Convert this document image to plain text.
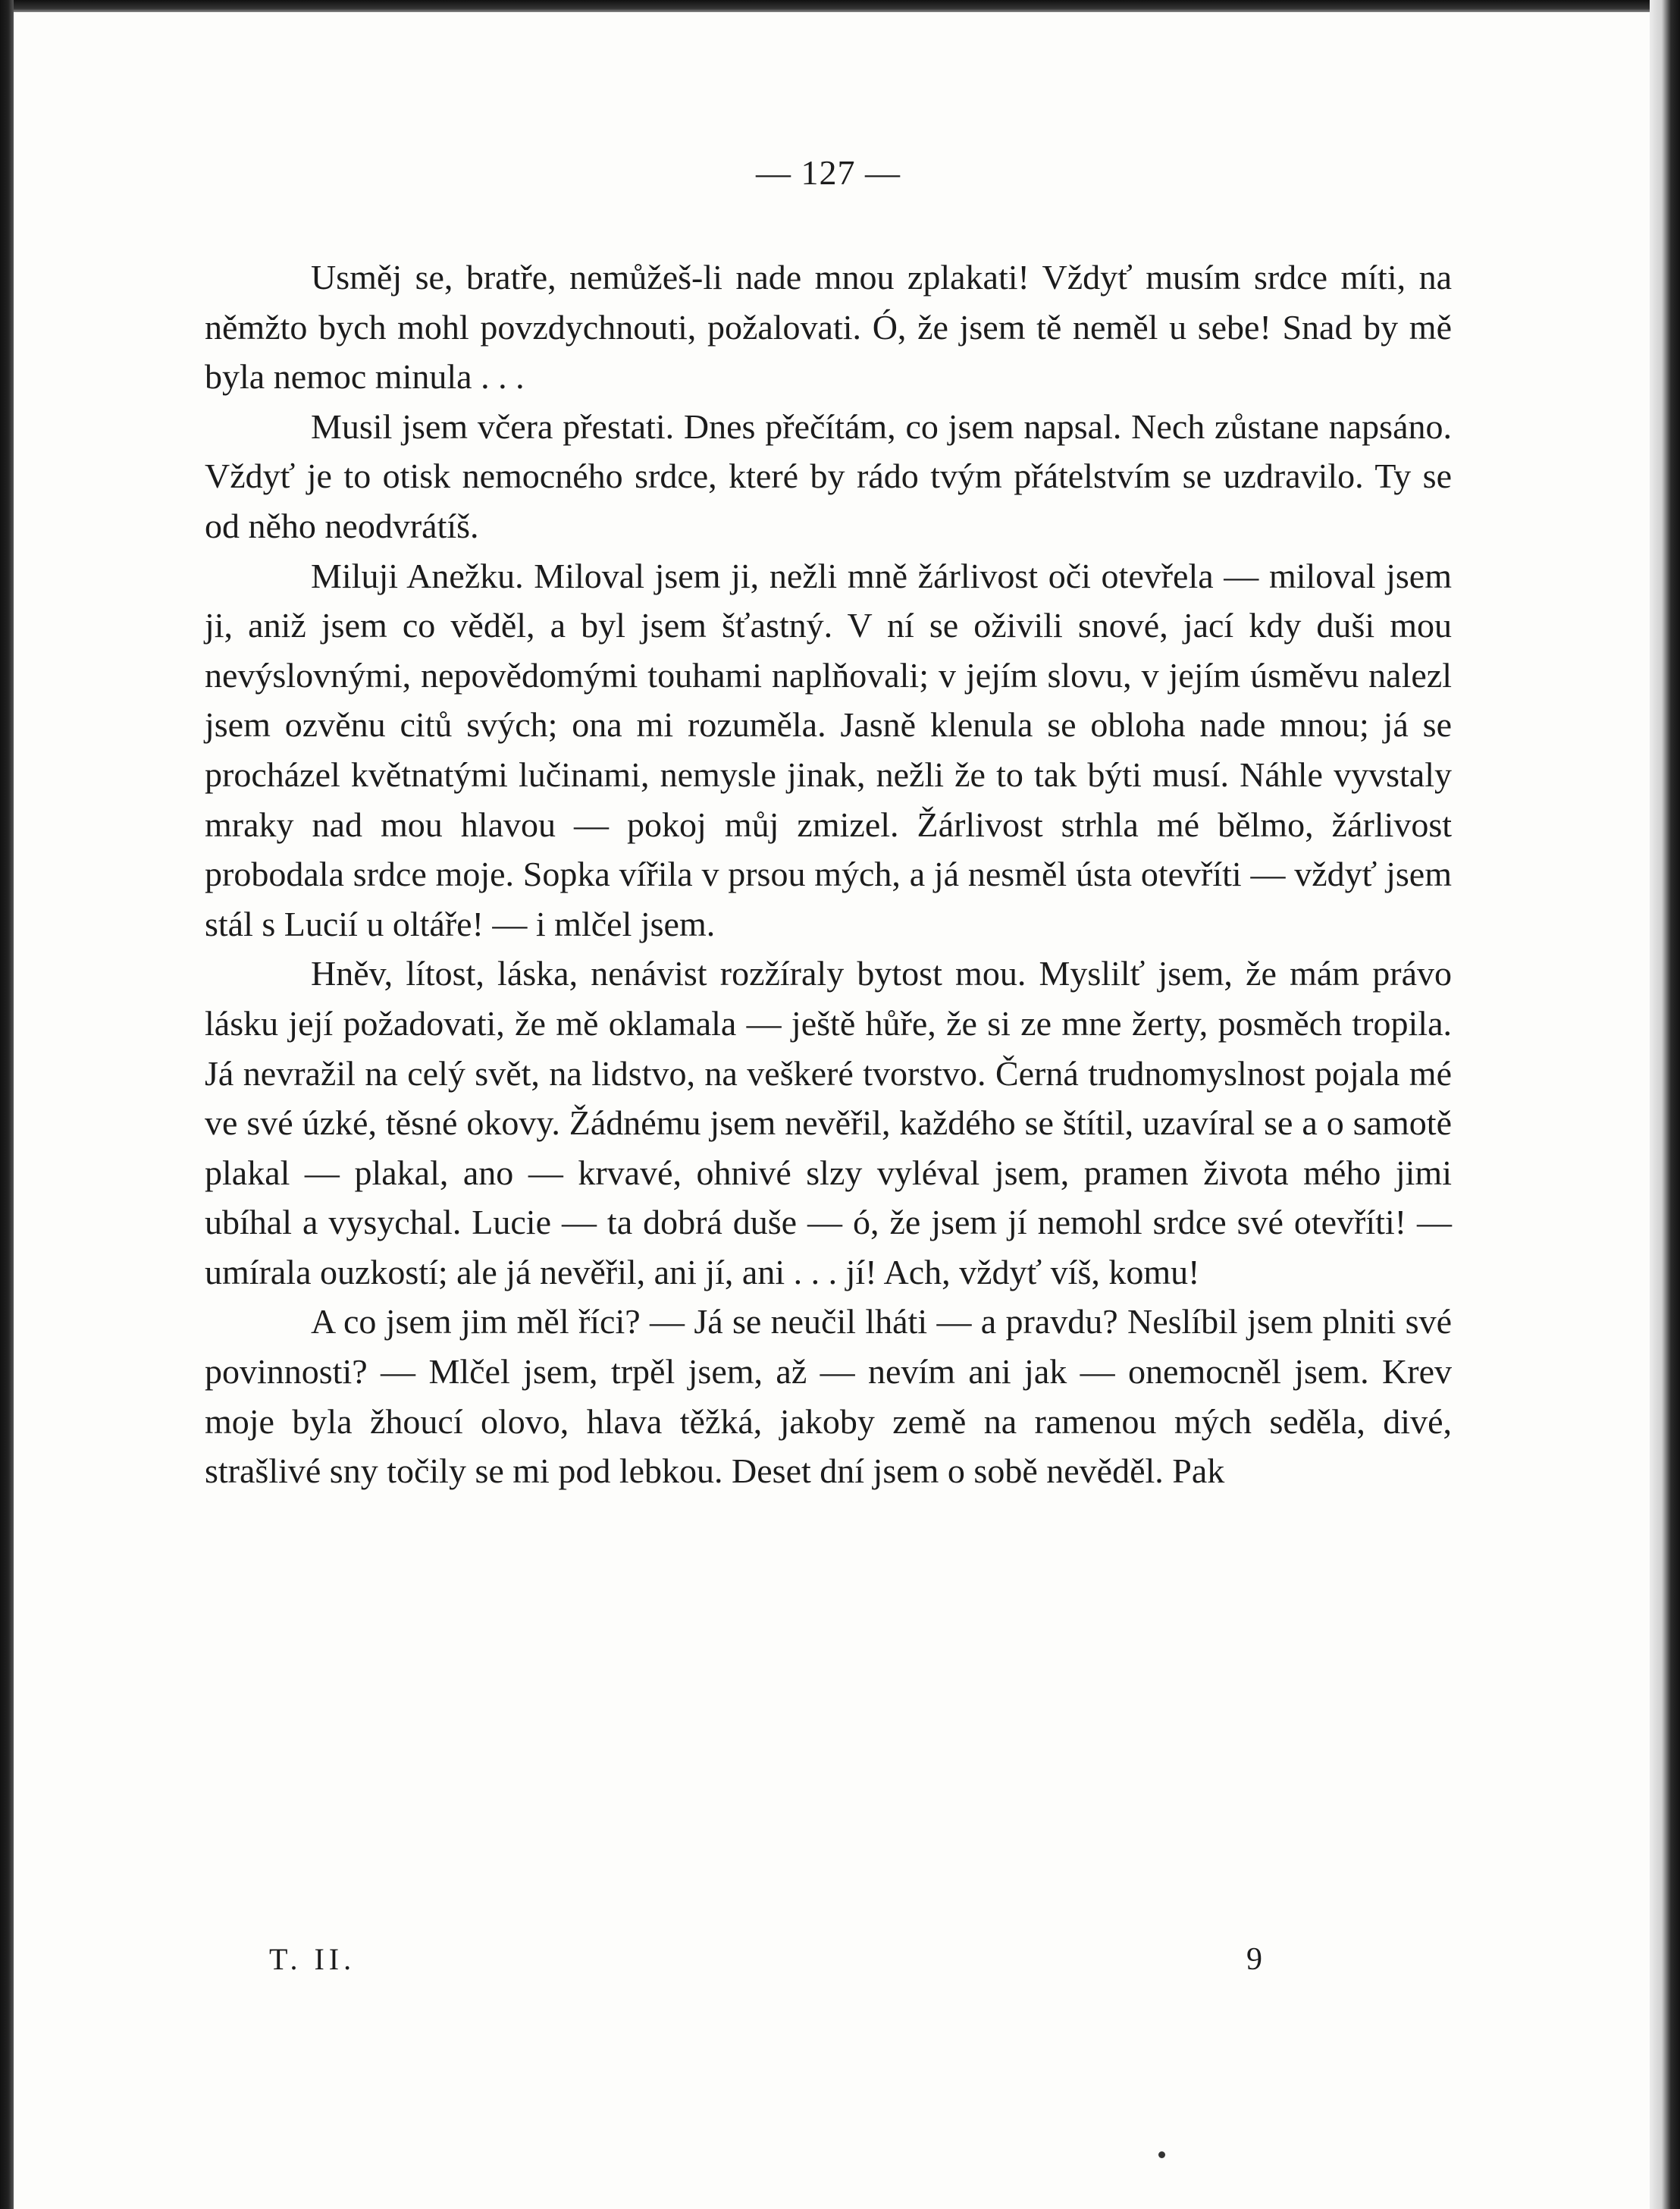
— 127 —

Usměj se, bratře, nemůžeš-li nade mnou zplakati! Vždyť musím srdce míti, na němžto bych mohl povzdychnouti, požalovati. Ó, že jsem tě neměl u sebe! Snad by mě byla nemoc minula . . .

Musil jsem včera přestati. Dnes přečítám, co jsem napsal. Nech zůstane napsáno. Vždyť je to otisk nemocného srdce, které by rádo tvým přátelstvím se uzdravilo. Ty se od něho neodvrátíš.

Miluji Anežku. Miloval jsem ji, nežli mně žárlivost oči otevřela — miloval jsem ji, aniž jsem co věděl, a byl jsem šťastný. V ní se oživili snové, jací kdy duši mou nevýslovnými, nepovědomými touhami naplňovali; v jejím slovu, v jejím úsměvu nalezl jsem ozvěnu citů svých; ona mi rozuměla. Jasně klenula se obloha nade mnou; já se procházel květnatými lučinami, nemysle jinak, nežli že to tak býti musí. Náhle vyvstaly mraky nad mou hlavou — pokoj můj zmizel. Žárlivost strhla mé bělmo, žárlivost probodala srdce moje. Sopka vířila v prsou mých, a já nesměl ústa otevříti — vždyť jsem stál s Lucií u oltáře! — i mlčel jsem.

Hněv, lítost, láska, nenávist rozžíraly bytost mou. Myslilť jsem, že mám právo lásku její požadovati, že mě oklamala — ještě hůře, že si ze mne žerty, posměch tropila. Já nevražil na celý svět, na lidstvo, na veškeré tvorstvo. Černá trudnomyslnost pojala mé ve své úzké, těsné okovy. Žádnému jsem nevěřil, každého se štítil, uzavíral se a o samotě plakal — plakal, ano — krvavé, ohnivé slzy vyléval jsem, pramen života mého jimi ubíhal a vysychal. Lucie — ta dobrá duše — ó, že jsem jí nemohl srdce své otevříti! — umírala ouzkostí; ale já nevěřil, ani jí, ani . . . jí! Ach, vždyť víš, komu!

A co jsem jim měl říci? — Já se neučil lháti — a pravdu? Neslíbil jsem plniti své povinnosti? — Mlčel jsem, trpěl jsem, až — nevím ani jak — onemocněl jsem. Krev moje byla žhoucí olovo, hlava těžká, jakoby země na ramenou mých seděla, divé, strašlivé sny točily se mi pod lebkou. Deset dní jsem o sobě nevěděl. Pak

T. II.	9
